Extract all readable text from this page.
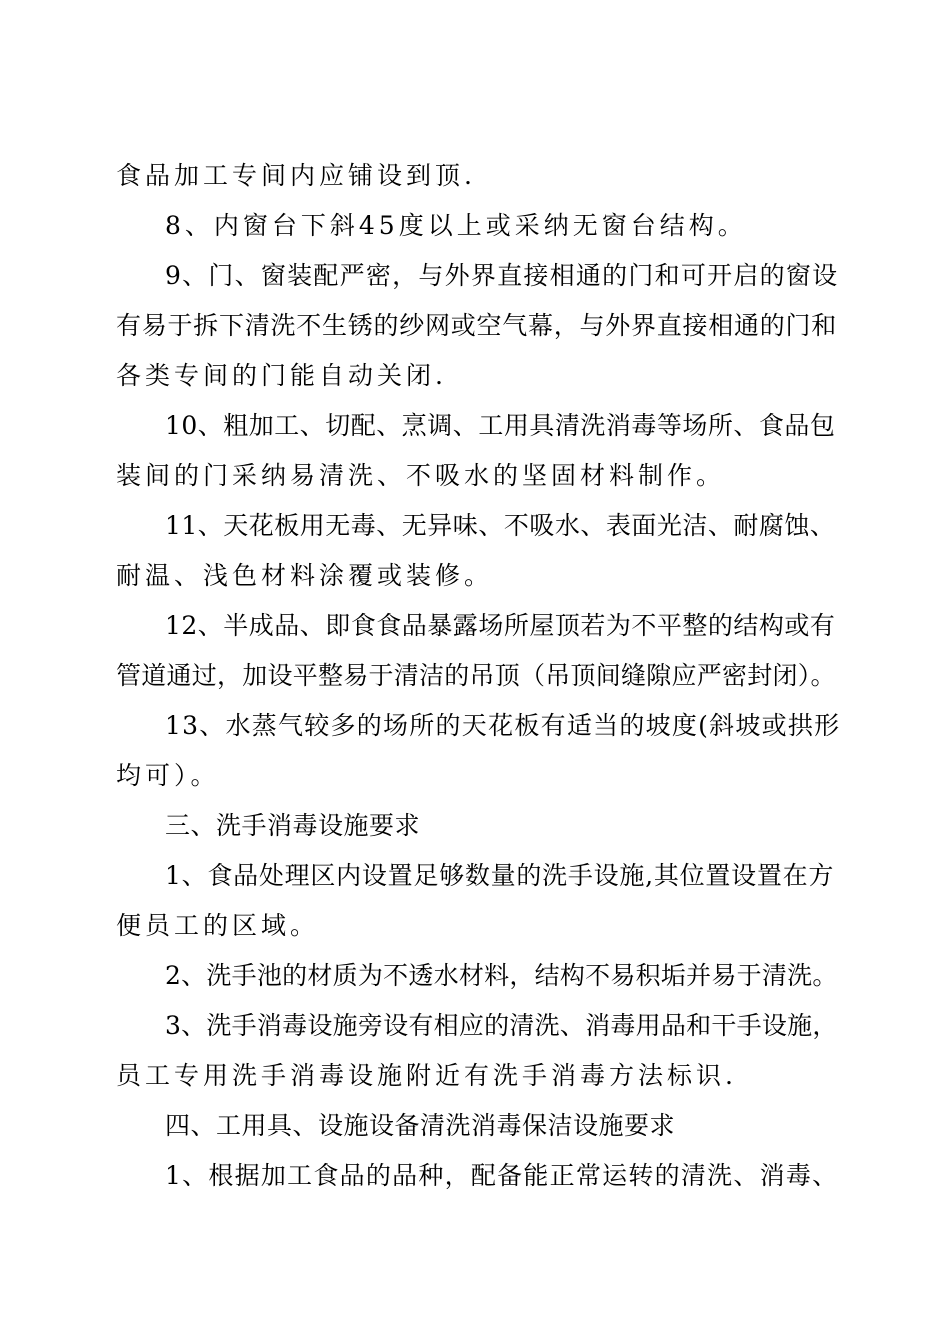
食品加工专间内应铺设到顶.
8、内窗台下斜45度以上或采纳无窗台结构。
9、门、窗装配严密，与外界直接相通的门和可开启的窗设
有易于拆下清洗不生锈的纱网或空气幕，与外界直接相通的门和
各类专间的门能自动关闭.
10、粗加工、切配、烹调、工用具清洗消毒等场所、食品包
装间的门采纳易清洗、不吸水的坚固材料制作。
11、天花板用无毒、无异味、不吸水、表面光洁、耐腐蚀、
耐温、浅色材料涂覆或装修。
12、半成品、即食食品暴露场所屋顶若为不平整的结构或有
管道通过，加设平整易于清洁的吊顶（吊顶间缝隙应严密封闭）。
13、水蒸气较多的场所的天花板有适当的坡度(斜坡或拱形
均可）。
三、洗手消毒设施要求
1、食品处理区内设置足够数量的洗手设施,其位置设置在方
便员工的区域。
2、洗手池的材质为不透水材料，结构不易积垢并易于清洗。
3、洗手消毒设施旁设有相应的清洗、消毒用品和干手设施，
员工专用洗手消毒设施附近有洗手消毒方法标识.
四、工用具、设施设备清洗消毒保洁设施要求
1、根据加工食品的品种，配备能正常运转的清洗、消毒、
